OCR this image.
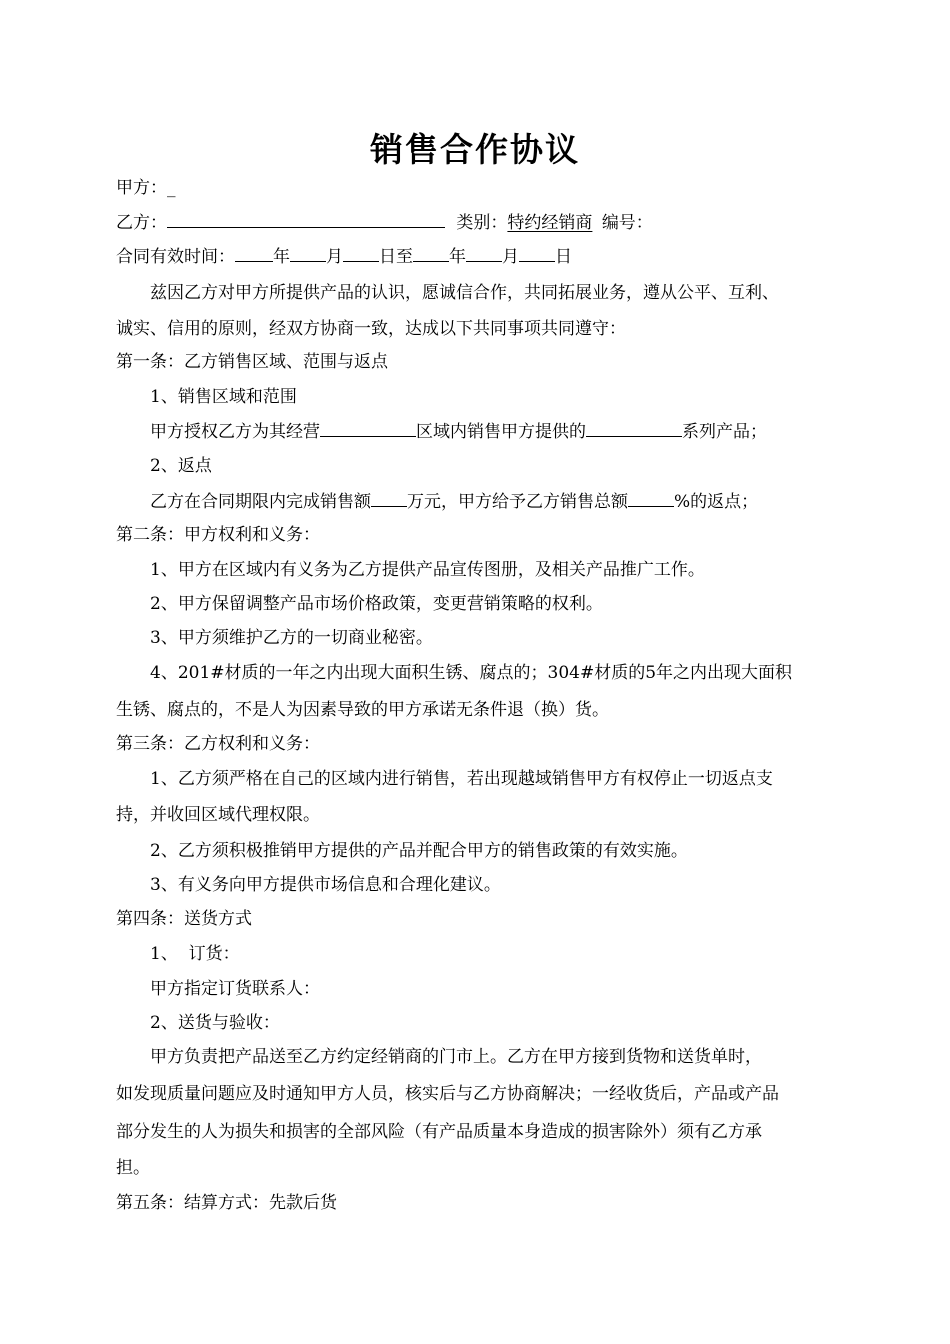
销售合作协议
甲方：_
乙方：	类别：特约经销商 编号：
合同有效时间： 年 月 日至 年 月 日
兹因乙方对甲方所提供产品的认识，愿诚信合作，共同拓展业务，遵从公平、互利、
诚实、信用的原则，经双方协商一致，达成以下共同事项共同遵守：
第一条：乙方销售区域、范围与返点
1、销售区域和范围
甲方授权乙方为其经营	区域内销售甲方提供的	系列产品；
2、返点
乙方在合同期限内完成销售额 万元，甲方给予乙方销售总额	%的返点；
第二条：甲方权利和义务：
1、甲方在区域内有义务为乙方提供产品宣传图册，及相关产品推广工作。
2、甲方保留调整产品市场价格政策，变更营销策略的权利。
3、甲方须维护乙方的一切商业秘密。
4、201#材质的一年之内出现大面积生锈、腐点的；304#材质的5年之内出现大面积
生锈、腐点的，不是人为因素导致的甲方承诺无条件退（换）货。
第三条：乙方权利和义务：
1、乙方须严格在自己的区域内进行销售，若出现越域销售甲方有权停止一切返点支
持，并收回区域代理权限。
2、乙方须积极推销甲方提供的产品并配合甲方的销售政策的有效实施。
3、有义务向甲方提供市场信息和合理化建议。
第四条：送货方式
1、  订货：
甲方指定订货联系人：
2、送货与验收：
甲方负责把产品送至乙方约定经销商的门市上。乙方在甲方接到货物和送货单时，
如发现质量问题应及时通知甲方人员，核实后与乙方协商解决；一经收货后，产品或产品
部分发生的人为损失和损害的全部风险（有产品质量本身造成的损害除外）须有乙方承
担。
第五条：结算方式：先款后货
